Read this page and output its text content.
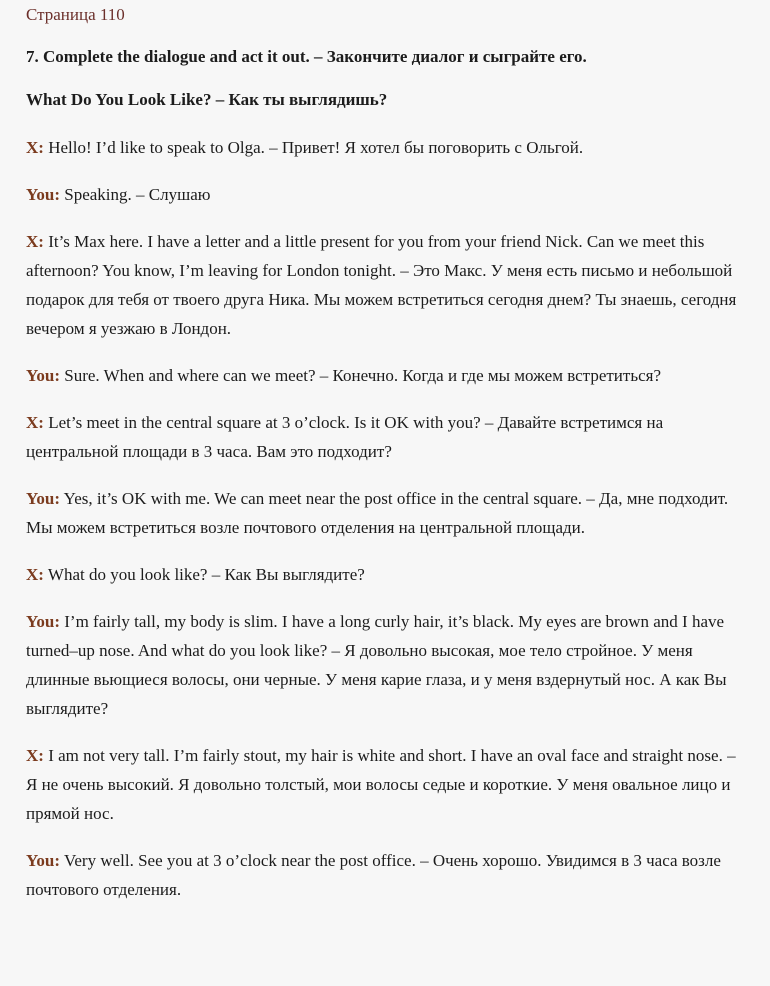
Страница 110
7. Complete the dialogue and act it out. – Закончите диалог и сыграйте его.
What Do You Look Like? – Как ты выглядишь?

X: Hello! I’d like to speak to Olga. – Привет! Я хотел бы поговорить с Ольгой.

You: Speaking. – Слушаю

X: It’s Max here. I have a letter and a little present for you from your friend Nick. Can we meet this afternoon? You know, I’m leaving for London tonight. – Это Макс. У меня есть письмо и небольшой подарок для тебя от твоего друга Ника. Мы можем встретиться сегодня днем? Ты знаешь, сегодня вечером я уезжаю в Лондон.

You: Sure. When and where can we meet? – Конечно. Когда и где мы можем встретиться?

X: Let’s meet in the central square at 3 o’clock. Is it OK with you? – Давайте встретимся на центральной площади в 3 часа. Вам это подходит?

You: Yes, it’s OK with me. We can meet near the post office in the central square. – Да, мне подходит. Мы можем встретиться возле почтового отделения на центральной площади.

X: What do you look like? – Как Вы выглядите?

You: I’m fairly tall, my body is slim. I have a long curly hair, it’s black. My eyes are brown and I have turned–up nose. And what do you look like? – Я довольно высокая, мое тело стройное. У меня длинные вьющиеся волосы, они черные. У меня карие глаза, и у меня вздернутый нос. А как Вы выглядите?

X: I am not very tall. I’m fairly stout, my hair is white and short. I have an oval face and straight nose. – Я не очень высокий. Я довольно толстый, мои волосы седые и короткие. У меня овальное лицо и прямой нос.

You: Very well. See you at 3 o’clock near the post office. – Очень хорошо. Увидимся в 3 часа возле почтового отделения.
